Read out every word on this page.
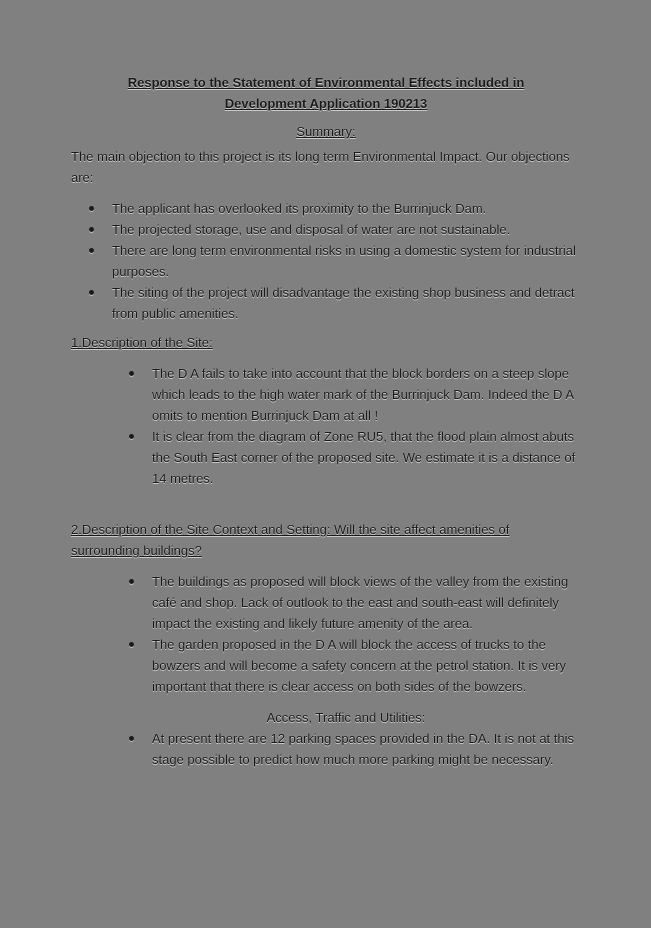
Response to the Statement of Environmental Effects included in

Development Application 190213

Summary:

The main objection to this project is its long term Environmental Impact. Our objections are:

The applicant has overlooked its proximity to the Burrinjuck Dam.
The projected storage, use and disposal of water are not sustainable.
There are long term environmental risks in using a domestic system for industrial purposes.
The siting of the project will disadvantage the existing shop business and detract from public amenities.

1.Description of the Site:

The D A fails to take into account that the block borders on a steep slope which leads to the high water mark of the Burrinjuck Dam. Indeed the D A omits to mention Burrinjuck Dam at all !
It is clear from the diagram of Zone RU5, that the flood plain almost abuts the South East corner of the proposed site. We estimate it is a distance of 14 metres.

2.Description of the Site Context and Setting: Will the site affect amenities of surrounding buildings?

The buildings as proposed will block views of the valley from the existing café and shop. Lack of outlook to the east and south-east will definitely impact the existing and likely future amenity of the area.
The garden proposed in the D A will block the access of trucks to the bowzers and will become a safety concern at the petrol station. It is very important that there is clear access on both sides of the bowzers.

Access, Traffic and Utilities:

At present there are 12 parking spaces provided in the DA. It is not at this stage possible to predict how much more parking might be necessary.
